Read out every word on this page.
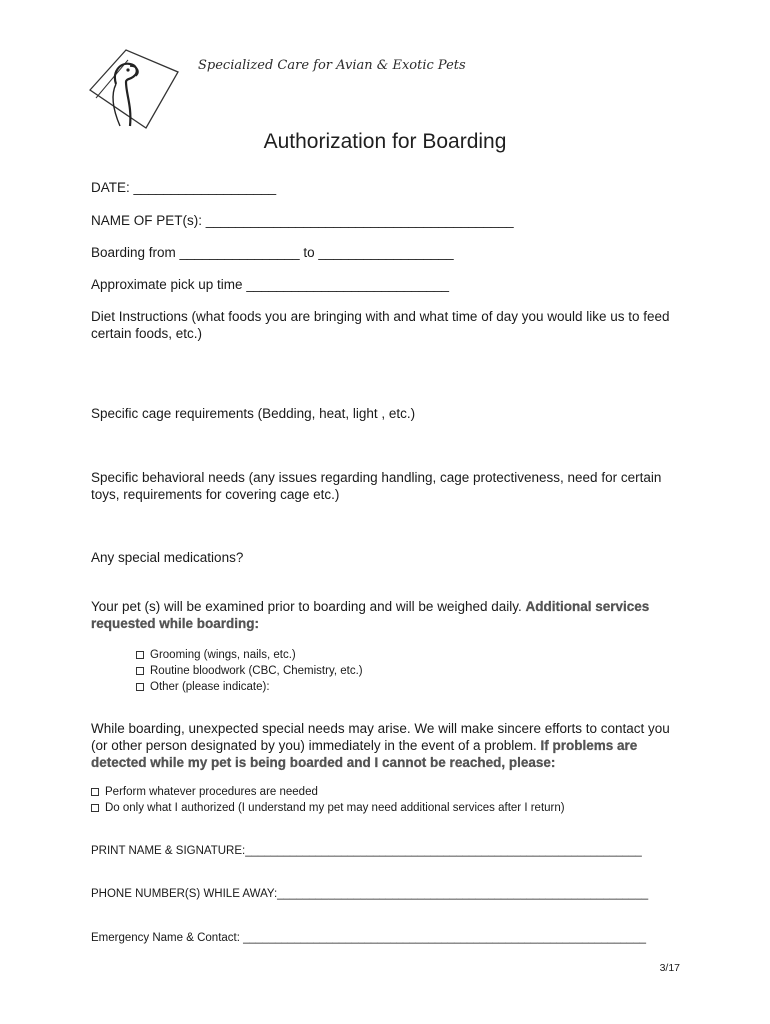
Specialized Care for Avian & Exotic Pets
Authorization for Boarding
DATE: ___________________
NAME OF PET(s): _________________________________________
Boarding from ________________ to __________________
Approximate pick up time ___________________________
Diet Instructions (what foods you are bringing with and what time of day you would like us to feed certain foods, etc.)
Specific cage requirements (Bedding, heat, light , etc.)
Specific behavioral needs (any issues regarding handling, cage protectiveness, need for certain toys, requirements for covering cage etc.)
Any special medications?
Your pet (s) will be examined prior to boarding and will be weighed daily. Additional services requested while boarding:
Grooming (wings, nails, etc.)
Routine bloodwork (CBC, Chemistry, etc.)
Other (please indicate):
While boarding, unexpected special needs may arise. We will make sincere efforts to contact you (or other person designated by you) immediately in the event of a problem. If problems are detected while my pet is being boarded and I cannot be reached, please:
Perform whatever procedures are needed
Do only what I authorized (I understand my pet may need additional services after I return)
PRINT NAME & SIGNATURE:______________________________________________________________
PHONE NUMBER(S) WHILE AWAY:__________________________________________________________
Emergency Name & Contact: _______________________________________________________________
3/17
